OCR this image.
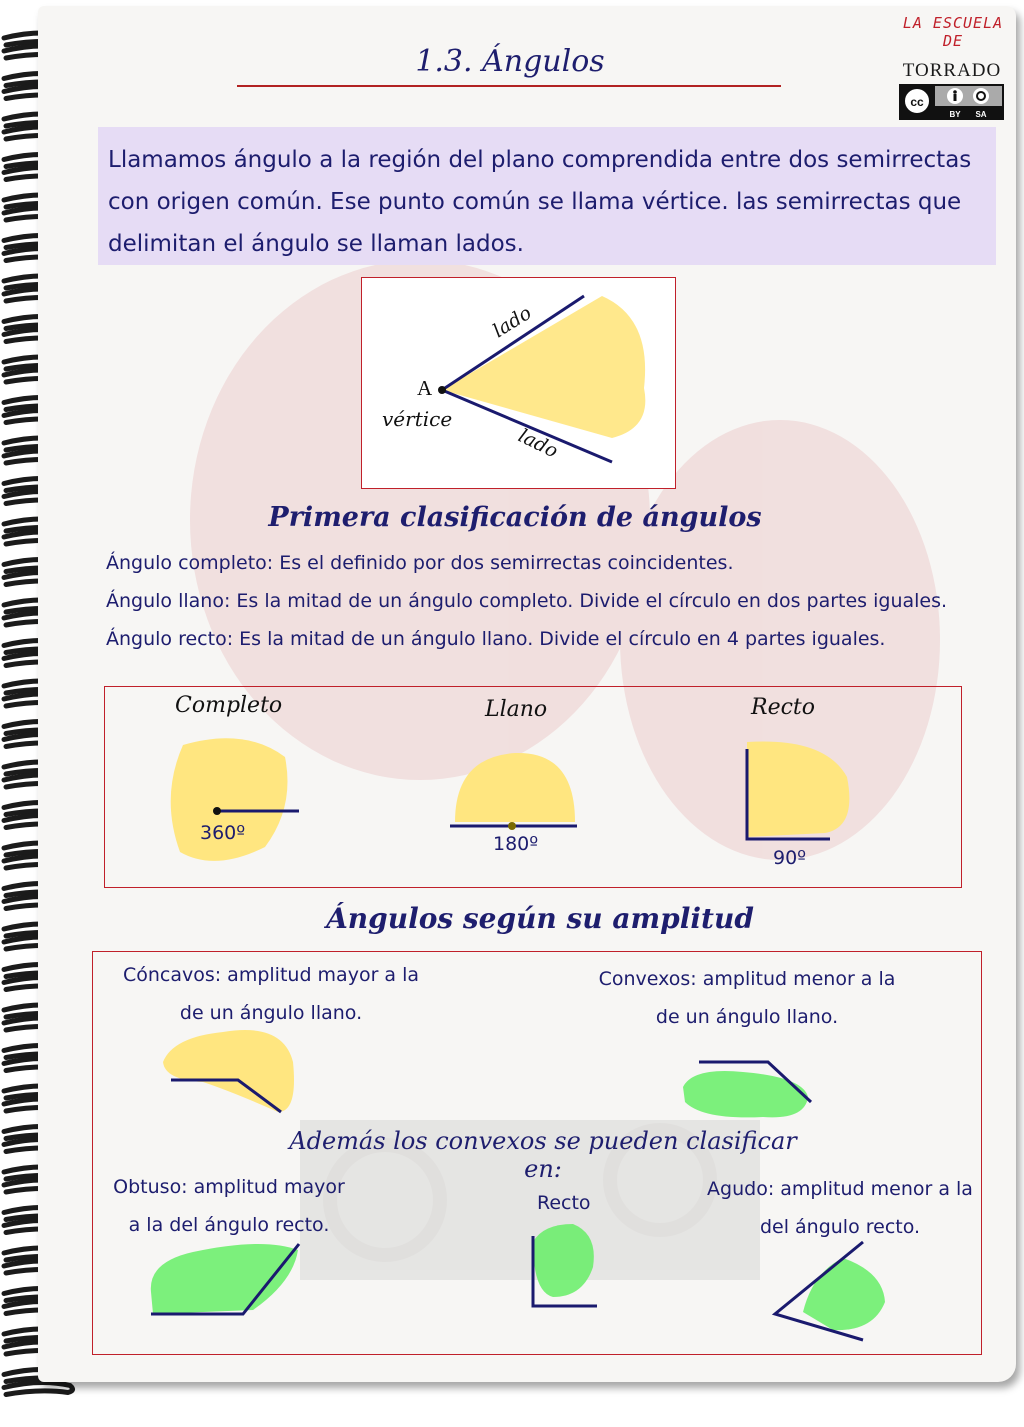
1.3. Ángulos
LA ESCUELA
DE
TORRADO
cc
BY SA

Llamamos ángulo a la región del plano comprendida entre dos semirrectas con origen común. Ese punto común se llama vértice. las semirrectas que delimitan el ángulo se llaman lados.

A
vértice
lado
lado
Primera clasificación de ángulos
Ángulo completo: Es el definido por dos semirrectas coincidentes.
Ángulo llano: Es la mitad de un ángulo completo. Divide el círculo en dos partes iguales.
Ángulo recto: Es la mitad de un ángulo llano. Divide el círculo en 4 partes iguales.
Completo	Llano	Recto
360º	180º
90º
Ángulos según su amplitud
Cóncavos: amplitud mayor a la
de un ángulo llano.
Convexos: amplitud menor a la
de un ángulo llano.
Además los convexos se pueden clasificar en:
Obtuso: amplitud mayor
a la del ángulo recto.
Recto
Agudo: amplitud menor a la
del ángulo recto.
